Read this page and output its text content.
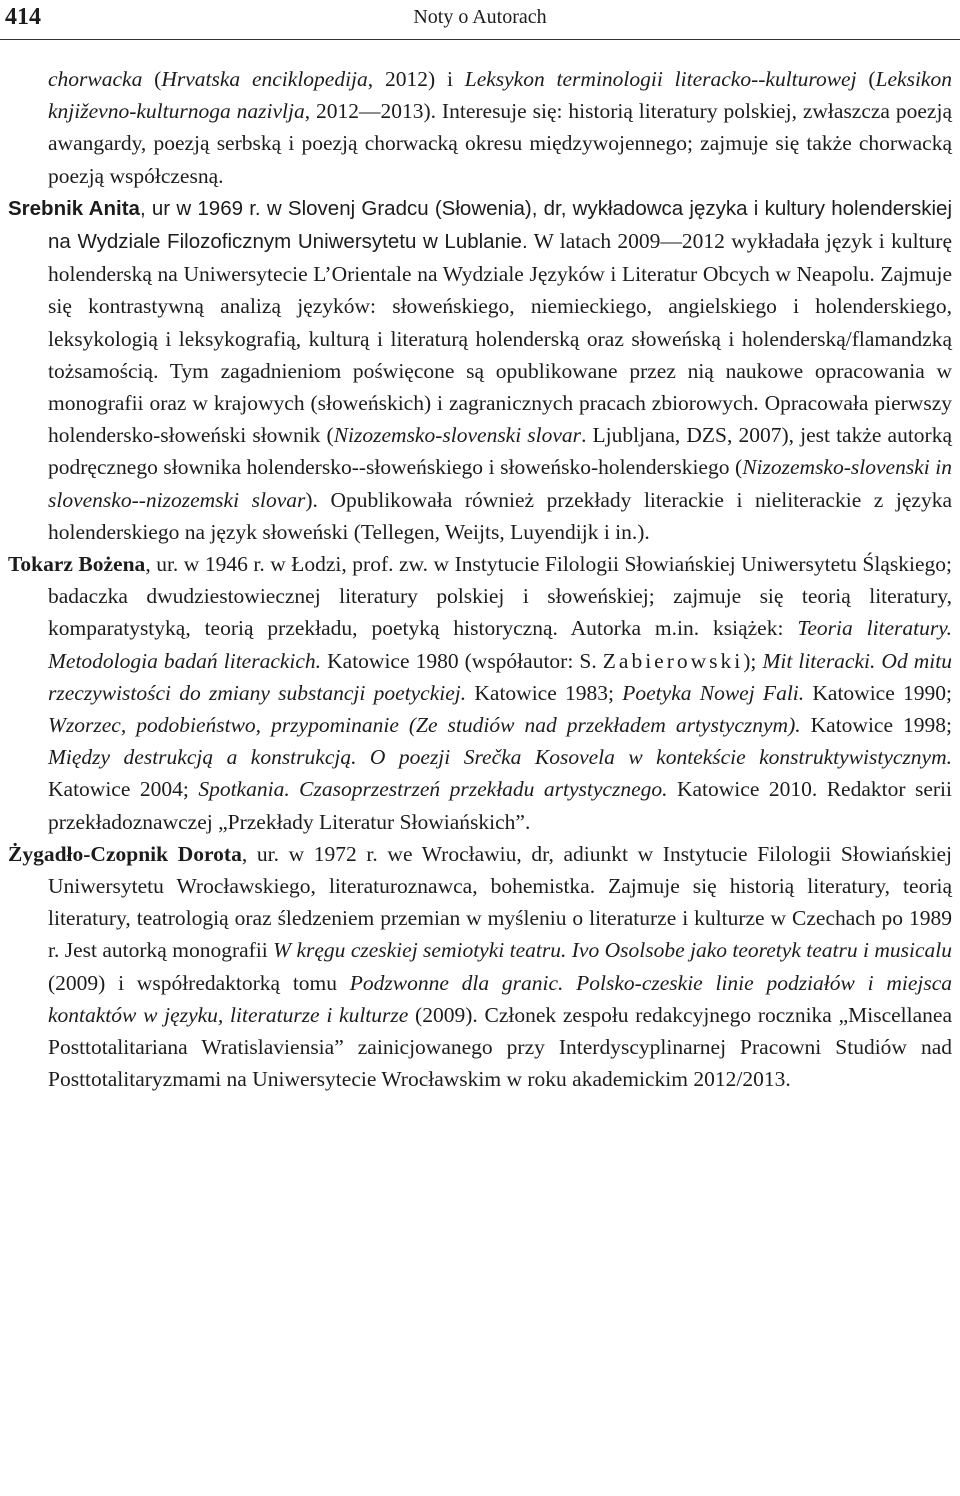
414	Noty o Autorach

chorwacka (Hrvatska enciklopedija, 2012) i Leksykon terminologii literacko--kulturowej (Leksikon književno-kulturnoga nazivlja, 2012—2013). Interesuje się: historią literatury polskiej, zwłaszcza poezją awangardy, poezją serbską i poezją chorwacką okresu międzywojennego; zajmuje się także chorwacką poezją współczesną.

Srebnik Anita, ur w 1969 r. w Slovenj Gradcu (Słowenia), dr, wykładowca języka i kultury holenderskiej na Wydziale Filozoficznym Uniwersytetu w Lublanie. W latach 2009—2012 wykładała język i kulturę holenderską na Uniwersytecie L’Orientale na Wydziale Języków i Literatur Obcych w Neapolu. Zajmuje się kontrastywną analizą języków: słoweńskiego, niemieckiego, angielskiego i holenderskiego, leksykologią i leksykografią, kulturą i literaturą holenderską oraz słoweńską i holenderską/flamandzką tożsamością. Tym zagadnieniom poświęcone są opublikowane przez nią naukowe opracowania w monografii oraz w krajowych (słoweńskich) i zagranicznych pracach zbiorowych. Opracowała pierwszy holendersko-słoweński słownik (Nizozemsko-slovenski slovar. Ljubljana, DZS, 2007), jest także autorką podręcznego słownika holendersko--słoweńskiego i słoweńsko-holenderskiego (Nizozemsko-slovenski in slovensko--nizozemski slovar). Opublikowała również przekłady literackie i nieliterackie z języka holenderskiego na język słoweński (Tellegen, Weijts, Luyendijk i in.).

Tokarz Bożena, ur. w 1946 r. w Łodzi, prof. zw. w Instytucie Filologii Słowiańskiej Uniwersytetu Śląskiego; badaczka dwudziestowiecznej literatury polskiej i słoweńskiej; zajmuje się teorią literatury, komparatystyką, teorią przekładu, poetyką historyczną. Autorka m.in. książek: Teoria literatury. Metodologia badań literackich. Katowice 1980 (współautor: S. Zabierowski); Mit literacki. Od mitu rzeczywistości do zmiany substancji poetyckiej. Katowice 1983; Poetyka Nowej Fali. Katowice 1990; Wzorzec, podobieństwo, przypominanie (Ze studiów nad przekładem artystycznym). Katowice 1998; Między destrukcją a konstrukcją. O poezji Srečka Kosovela w kontekście konstruktywistycznym. Katowice 2004; Spotkania. Czasoprzestrzeń przekładu artystycznego. Katowice 2010. Redaktor serii przekładoznawczej „Przekłady Literatur Słowiańskich”.

Żygadło-Czopnik Dorota, ur. w 1972 r. we Wrocławiu, dr, adiunkt w Instytucie Filologii Słowiańskiej Uniwersytetu Wrocławskiego, literaturoznawca, bohemistka. Zajmuje się historią literatury, teorią literatury, teatrologią oraz śledzeniem przemian w myśleniu o literaturze i kulturze w Czechach po 1989 r. Jest autorką monografii W kręgu czeskiej semiotyki teatru. Ivo Osolsobe jako teoretyk teatru i musicalu (2009) i współredaktorką tomu Podzwonne dla granic. Polsko-czeskie linie podziałów i miejsca kontaktów w języku, literaturze i kulturze (2009). Członek zespołu redakcyjnego rocznika „Miscellanea Posttotalitariana Wratislaviensia” zainicjowanego przy Interdyscyplinarnej Pracowni Studiów nad Posttotalitaryzmami na Uniwersytecie Wrocławskim w roku akademickim 2012/2013.
